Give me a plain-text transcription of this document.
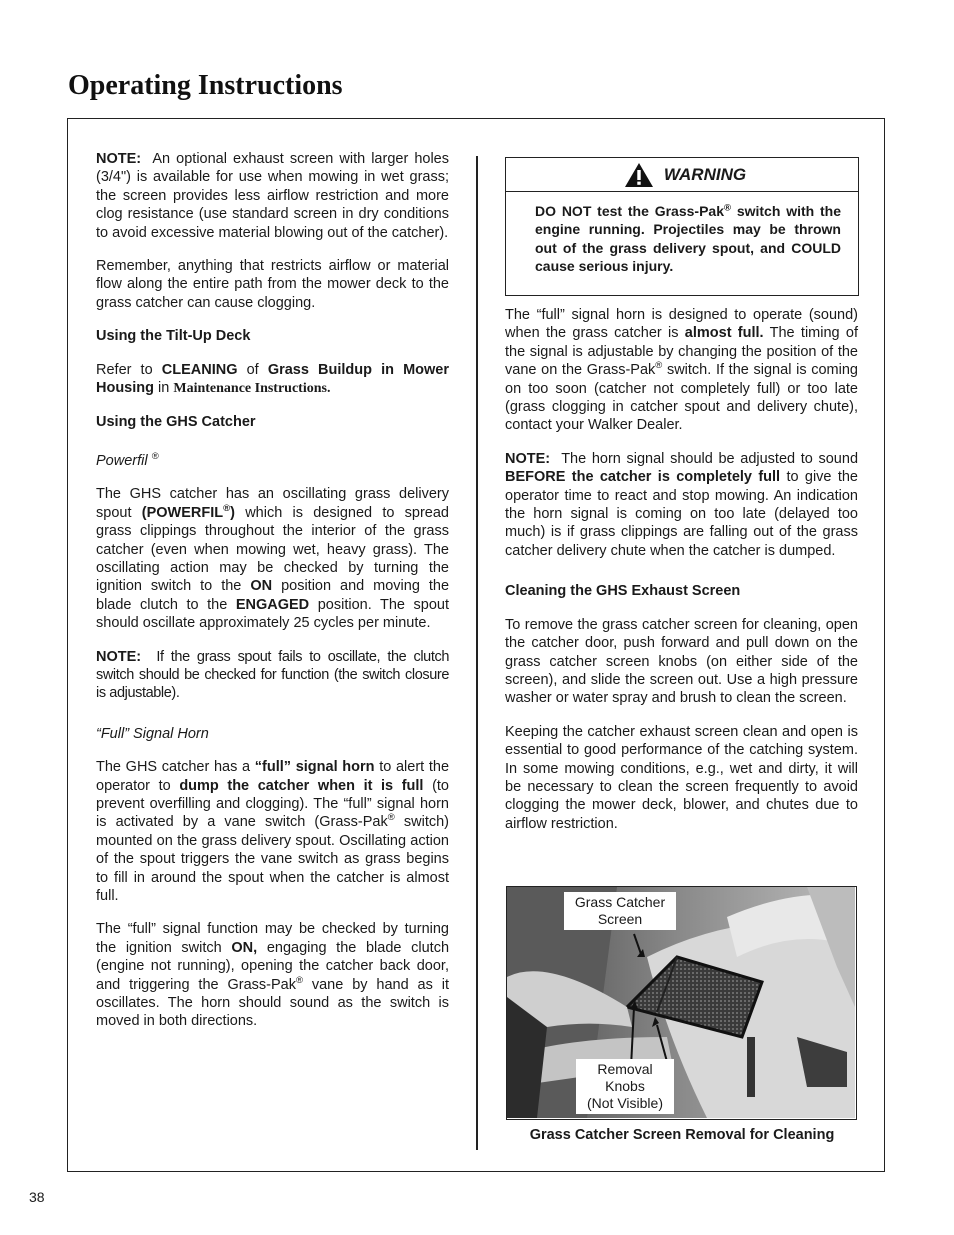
Operating Instructions

NOTE: An optional exhaust screen with larger holes (3/4") is available for use when mowing in wet grass; the screen provides less airflow restriction and more clog resistance (use standard screen in dry conditions to avoid excessive material blowing out of the catcher).

Remember, anything that restricts airflow or material flow along the entire path from the mower deck to the grass catcher can cause clogging.

Using the Tilt-Up Deck

Refer to CLEANING of Grass Buildup in Mower Housing in Maintenance Instructions.

Using the GHS Catcher

Powerfil ®

The GHS catcher has an oscillating grass delivery spout (POWERFIL®) which is designed to spread grass clippings throughout the interior of the grass catcher (even when mowing wet, heavy grass). The oscillating action may be checked by turning the ignition switch to the ON position and moving the blade clutch to the ENGAGED position. The spout should oscillate approximately 25 cycles per minute.

NOTE: If the grass spout fails to oscillate, the clutch switch should be checked for function (the switch closure is adjustable).

“Full” Signal Horn

The GHS catcher has a “full” signal horn to alert the operator to dump the catcher when it is full (to prevent overfilling and clogging). The “full” signal horn is activated by a vane switch (Grass-Pak® switch) mounted on the grass delivery spout. Oscillating action of the spout triggers the vane switch as grass begins to fill in around the spout when the catcher is almost full.

The “full” signal function may be checked by turning the ignition switch ON, engaging the blade clutch (engine not running), opening the catcher back door, and triggering the Grass-Pak® vane by hand as it oscillates. The horn should sound as the switch is moved in both directions.

WARNING
DO NOT test the Grass-Pak® switch with the engine running. Projectiles may be thrown out of the grass delivery spout, and COULD cause serious injury.

The “full” signal horn is designed to operate (sound) when the grass catcher is almost full. The timing of the signal is adjustable by changing the position of the vane on the Grass-Pak® switch. If the signal is coming on too soon (catcher not completely full) or too late (grass clogging in catcher spout and delivery chute), contact your Walker Dealer.

NOTE: The horn signal should be adjusted to sound BEFORE the catcher is completely full to give the operator time to react and stop mowing. An indication the horn signal is coming on too late (delayed too much) is if grass clippings are falling out of the grass catcher delivery chute when the catcher is dumped.

Cleaning the GHS Exhaust Screen

To remove the grass catcher screen for cleaning, open the catcher door, push forward and pull down on the grass catcher screen knobs (on either side of the screen), and slide the screen out. Use a high pressure washer or water spray and brush to clean the screen.

Keeping the catcher exhaust screen clean and open is essential to good performance of the catching system. In some mowing conditions, e.g., wet and dirty, it will be necessary to clean the screen frequently to avoid clogging the mower deck, blower, and chutes due to airflow restriction.

Grass Catcher
Screen
Removal
Knobs
(Not Visible)
Grass Catcher Screen Removal for Cleaning
38
